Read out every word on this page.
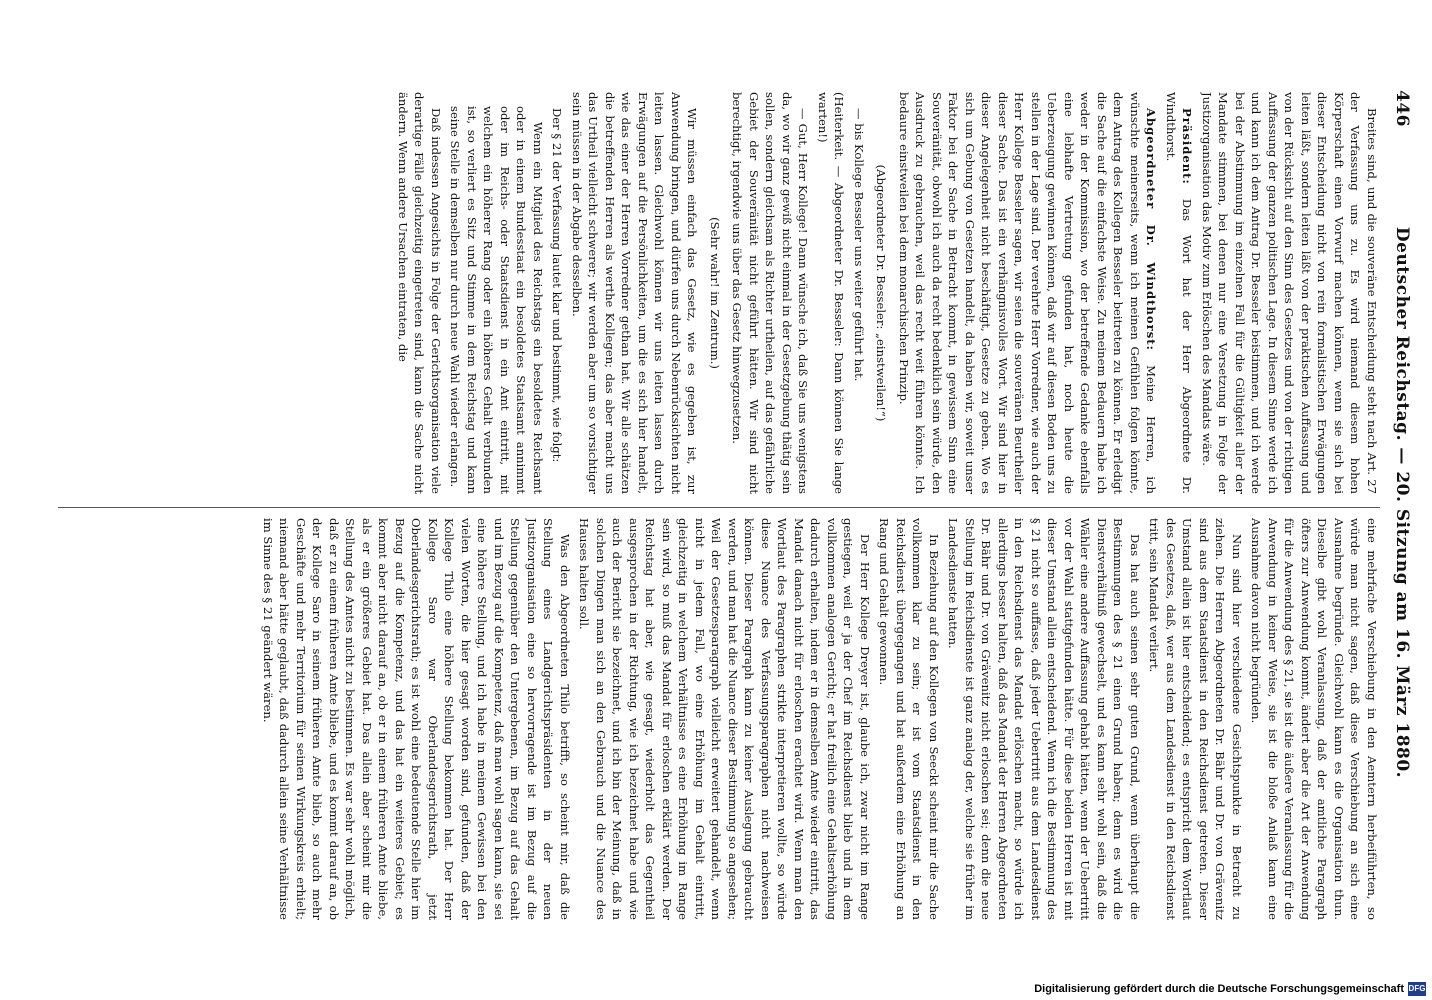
446
Deutscher Reichstag. — 20. Sitzung am 16. März 1880.

Breites sind, und die souveräne Entscheidung steht nach Art. 27 der Verfassung uns zu. Es wird niemand diesem hohen Körperschaft einen Vorwurf machen können, wenn sie sich bei dieser Entscheidung nicht von rein formalistischen Erwägungen leiten läßt, sondern leiten läßt von der praktischen Auffassung und von der Rücksicht auf den Sinn des Gesetzes und von der richtigen Auffassung der ganzen politischen Lage. In diesem Sinne werde ich und kann ich dem Antrag Dr. Besseler beistimmen, und ich werde bei der Abstimmung im einzelnen Fall für die Gültigkeit aller der Mandate stimmen, bei denen nur eine Versetzung in Folge der Justizorganisation das Motiv zum Erlöschen des Mandats wäre.

Präsident: Das Wort hat der Herr Abgeordnete Dr. Windthorst.

Abgeordneter Dr. Windthorst: Meine Herren, ich wünschte meinerseits, wenn ich meinen Gefühlen folgen könnte, dem Antrag des Kollegen Besseler beitreten zu können. Er erledigt die Sache auf die einfachste Weise. Zu meinem Bedauern habe ich weder in der Kommission, wo der betreffende Gedanke ebenfalls eine lebhafte Vertretung gefunden hat, noch heute die Ueberzeugung gewinnen können, daß wir auf diesen Boden uns zu stellen in der Lage sind. Der verehrte Herr Vorredner, wie auch der Herr Kollege Besseler sagen, wir seien die souveränen Beurtheiler dieser Sache. Das ist ein verhängnisvolles Wort. Wir sind hier in dieser Angelegenheit nicht beschäftigt, Gesetze zu geben. Wo es sich um Gebung von Gesetzen handelt, da haben wir, soweit unser Faktor bei der Sache in Betracht kommt, in gewissem Sinn eine Souveränität, obwohl ich auch da recht bedenklich sein würde, den Ausdruck zu gebrauchen, weil das recht weit führen könnte. Ich bedaure einstweilen bei dem monarchischen Prinzip.

(Abgeordneter Dr. Besseler: „einstweilen!“)

— bis Kollege Besseler uns weiter geführt hat.

(Heiterkeit. — Abgeordneter Dr. Besseler: Dann können Sie lange warten!)

— Gut, Herr Kollege! Dann wünsche ich, daß Sie uns wenigstens da, wo wir ganz gewiß nicht einmal in der Gesetzgebung thätig sein sollen, sondern gleichsam als Richter urtheilen, auf das gefährliche Gebiet der Souveränität nicht geführt hätten. Wir sind nicht berechtigt, irgendwie uns über das Gesetz hinwegzusetzen.

(Sehr wahr! im Zentrum.)

Wir müssen einfach das Gesetz, wie es gegeben ist, zur Anwendung bringen, und dürfen uns durch Nebenrücksichten nicht leiten lassen. Gleichwohl können wir uns leiten lassen durch Erwägungen auf die Persönlichkeiten, um die es sich hier handelt, wie das einer der Herren Vorredner gethan hat. Wir alle schätzen die betreffenden Herren als werthe Kollegen; das aber macht uns das Urtheil vielleicht schwerer; wir werden aber um so vorsichtiger sein müssen in der Abgabe desselben.

Der § 21 der Verfassung lautet klar und bestimmt, wie folgt:

Wenn ein Mitglied des Reichstags ein besoldetes Reichsamt oder in einem Bundesstaat ein besoldetes Staatsamt annimmt oder im Reichs- oder Staatsdienst in ein Amt eintritt, mit welchem ein höherer Rang oder ein höheres Gehalt verbunden ist, so verliert es Sitz und Stimme in dem Reichstag und kann seine Stelle in demselben nur durch neue Wahl wieder erlangen.

Daß indessen Angesichts in Folge der Gerichtsorganisation viele derartige Fälle gleichzeitig eingetreten sind, kann die Sache nicht ändern. Wenn andere Ursachen eintraten, die

eine mehrfache Verschiebung in den Aemtern herbeiführten, so würde man nicht sagen, daß diese Verschiebung an sich eine Ausnahme begründe. Gleichwohl kann es die Organisation thun. Dieselbe gibt wohl Veranlassung, daß der amtliche Paragraph öfters zur Anwendung kommt, ändert aber die Art der Anwendung für die Anwendung des § 21, sie ist die äußere Veranlassung für die Anwendung in keiner Weise, sie ist die bloße Anlaß kann eine Ausnahme davon nicht begründen.

Nun sind hier verschiedene Gesichtspunkte in Betracht zu ziehen. Die Herren Abgeordneten Dr. Bähr und Dr. von Grävenitz sind aus dem Staatsdienst in den Reichsdienst getreten. Dieser Umstand allein ist hier entscheidend; es entspricht dem Wortlaut des Gesetzes, daß, wer aus dem Landesdienst in den Reichsdienst tritt, sein Mandat verliert.

Das hat auch seinen sehr guten Grund, wenn überhaupt die Bestimmungen des § 21 einen Grund haben; denn es wird die Dienstverhältniß gewechselt, und es kann sehr wohl sein, daß die Wähler eine andere Auffassung gehabt hätten, wenn der Uebertritt vor der Wahl stattgefunden hätte. Für diese beiden Herren ist mit dieser Umstand allein entscheidend. Wenn ich die Bestimmung des § 21 nicht so auffasse, daß jeder Uebertritt aus dem Landesdienst in den Reichsdienst das Mandat erlöschen macht, so würde ich allerdings besser halten, daß das Mandat der Herren Abgeordneten Dr. Bähr und Dr. von Grävenitz nicht erloschen sei; denn die neue Stellung im Reichsdienste ist ganz analog der, welche sie früher im Landesdienste hatten.

In Beziehung auf den Kollegen von Seeckt scheint mir die Sache vollkommen klar zu sein; er ist vom Staatsdienst in den Reichsdienst übergegangen und hat außerdem eine Erhöhung an Rang und Gehalt gewonnen.

Der Herr Kollege Dreyer ist, glaube ich, zwar nicht im Range gestiegen, weil er ja der Chef im Reichsdienst blieb und in dem vollkommen analogen Gericht; er hat freilich eine Gehaltserhöhung dadurch erhalten, indem er in demselben Amte wieder eintritt, das Mandat danach nicht für erloschen erachtet wird. Wenn man den Wortlaut des Paragraphen strikte interpretieren wollte, so würde diese Nuance des Verfassungsparagraphen nicht nachweisen können. Dieser Paragraph kann zu keiner Auslegung gebraucht werden, und man hat die Nuance dieser Bestimmung so angesehen; Weil der Gesetzesparagraph vielleicht erweitert gehandelt, wenn nicht in jedem Fall, wo eine Erhöhung im Gehalt eintritt, gleichzeitig in welchem Verhältnisse es eine Erhöhung im Range sein wird, so muß das Mandat für erloschen erklärt werden. Der Reichstag hat aber, wie gesagt, wiederholt das Gegentheil ausgesprochen in der Richtung, wie ich bezeichnet habe und wie auch der Bericht sie bezeichnet, und ich bin der Meinung, daß in solchen Dingen man sich an den Gebrauch und die Nuance des Hauses halten soll.

Was den Abgeordneten Thilo betrifft, so scheint mir, daß die Stellung eines Landgerichtspräsidenten in der neuen Justizorganisation eine so hervorragende ist im Bezug auf die Stellung gegenüber den Untergebenen, im Bezug auf das Gehalt und im Bezug auf die Kompetenz, daß man wohl sagen kann, sie sei eine höhere Stellung, und ich habe in meinem Gewissen bei den vielen Worten, die hier gesagt worden sind, gefunden, daß der Kollege Thilo eine höhere Stellung bekommen hat. Der Herr Kollege Saro war Oberlandesgerichtsrath, jetzt Oberlandesgerichtsrath; es ist wohl eine bedeutende Stelle hier im Bezug auf die Kompetenz, und das hat ein weiteres Gebiet; es kommt aber nicht darauf an, ob er in einem früheren Amte bliebe, als er ein größeres Gebiet hat. Das allein aber scheint mir die Stellung des Amtes nicht zu bestimmen. Es war sehr wohl möglich, daß er zu einem früheren Amte bliebe, und es kommt darauf an, ob der Kollege Saro in seinem früheren Amte blieb, so auch mehr Geschäfte und mehr Territorium für seinen Wirkungskreis erhielt; niemand aber hätte geglaubt, daß dadurch allein seine Verhältnisse im Sinne des § 21 geändert wären.

Digitalisierung gefördert durch die Deutsche Forschungsgemeinschaft DFG
